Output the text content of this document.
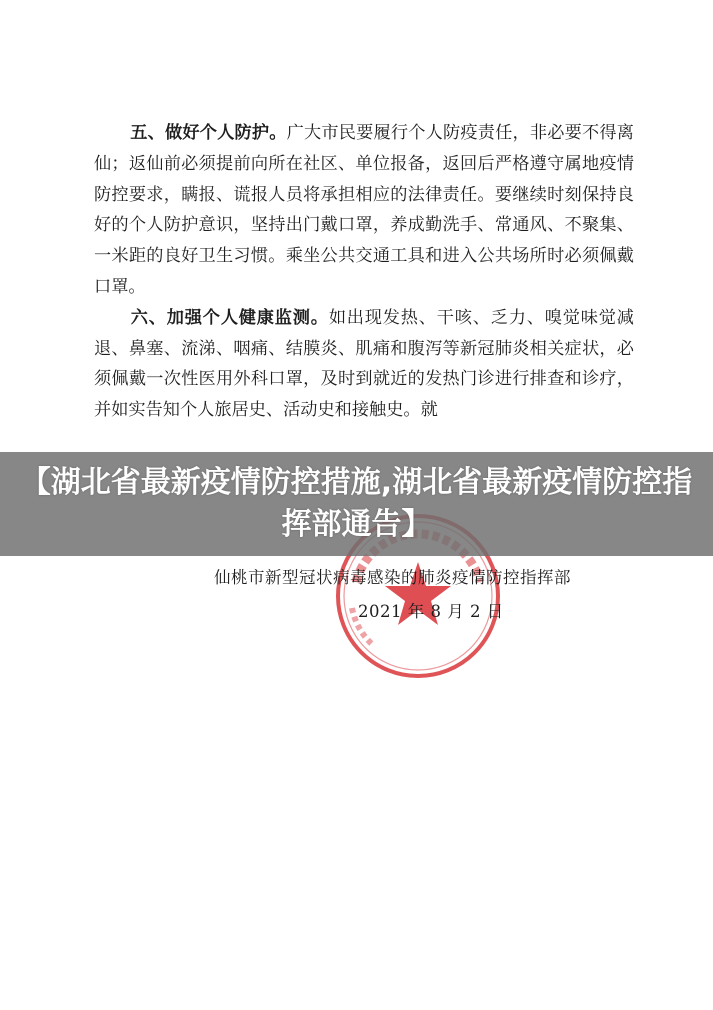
五、做好个人防护。广大市民要履行个人防疫责任，非必要不得离仙；返仙前必须提前向所在社区、单位报备，返回后严格遵守属地疫情防控要求，瞒报、谎报人员将承担相应的法律责任。要继续时刻保持良好的个人防护意识，坚持出门戴口罩，养成勤洗手、常通风、不聚集、一米距的良好卫生习惯。乘坐公共交通工具和进入公共场所时必须佩戴口罩。

六、加强个人健康监测。如出现发热、干咳、乏力、嗅觉味觉减退、鼻塞、流涕、咽痛、结膜炎、肌痛和腹泻等新冠肺炎相关症状，必须佩戴一次性医用外科口罩，及时到就近的发热门诊进行排查和诊疗，并如实告知个人旅居史、活动史和接触史。就

仙桃市新型冠状病毒感染的肺炎疫情防控指挥部
2021 年 8 月 2 日
【湖北省最新疫情防控措施,湖北省最新疫情防控指挥部通告】
